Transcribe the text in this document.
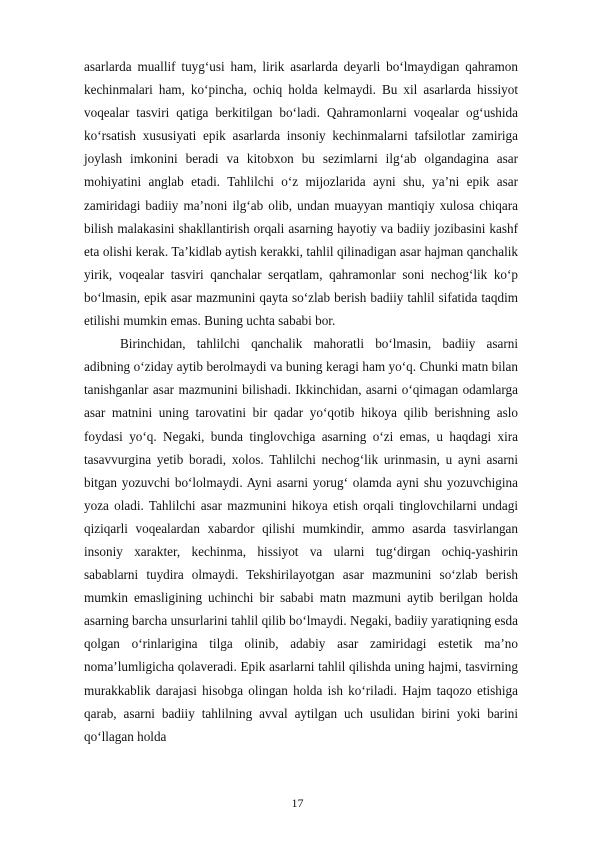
asarlarda muallif tuyg‘usi ham, lirik asarlarda deyarli bo‘lmaydigan qahramon kechinmalari ham, ko‘pincha, ochiq holda kelmaydi. Bu xil asarlarda hissiyot voqealar tasviri qatiga berkitilgan bo‘ladi. Qahramonlarni voqealar og‘ushida ko‘rsatish xususiyati epik asarlarda insoniy kechinmalarni tafsilotlar zamiriga joylash imkonini beradi va kitobxon bu sezimlarni ilg‘ab olgandagina asar mohiyatini anglab etadi. Tahlilchi o‘z mijozlarida ayni shu, ya’ni epik asar zamiridagi badiiy ma’noni ilg‘ab olib, undan muayyan mantiqiy xulosa chiqara bilish malakasini shakllantirish orqali asarning hayotiy va badiiy jozibasini kashf eta olishi kerak. Ta’kidlab aytish kerakki, tahlil qilinadigan asar hajman qanchalik yirik, voqealar tasviri qanchalar serqatlam, qahramonlar soni nechog‘lik ko‘p bo‘lmasin, epik asar mazmunini qayta so‘zlab berish badiiy tahlil sifatida taqdim etilishi mumkin emas. Buning uchta sababi bor.

Birinchidan, tahlilchi qanchalik mahoratli bo‘lmasin, badiiy asarni adibning o‘ziday aytib berolmaydi va buning keragi ham yo‘q. Chunki matn bilan tanishganlar asar mazmunini bilishadi. Ikkinchidan, asarni o‘qimagan odamlarga asar matnini uning tarovatini bir qadar yo‘qotib hikoya qilib berishning aslo foydasi yo‘q. Negaki, bunda tinglovchiga asarning o‘zi emas, u haqdagi xira tasavvurgina yetib boradi, xolos. Tahlilchi nechog‘lik urinmasin, u ayni asarni bitgan yozuvchi bo‘lolmaydi. Ayni asarni yorug‘ olamda ayni shu yozuvchigina yoza oladi. Tahlilchi asar mazmunini hikoya etish orqali tinglovchilarni undagi qiziqarli voqealardan xabardor qilishi mumkindir, ammo asarda tasvirlangan insoniy xarakter, kechinma, hissiyot va ularni tug‘dirgan ochiq-yashirin sabablarni tuydira olmaydi. Tekshirilayotgan asar mazmunini so‘zlab berish mumkin emasligining uchinchi bir sababi matn mazmuni aytib berilgan holda asarning barcha unsurlarini tahlil qilib bo‘lmaydi. Negaki, badiiy yaratiqning esda qolgan o‘rinlarigina tilga olinib, adabiy asar zamiridagi estetik ma’no noma’lumligicha qolaveradi. Epik asarlarni tahlil qilishda uning hajmi, tasvirning murakkablik darajasi hisobga olingan holda ish ko‘riladi. Hajm taqozo etishiga qarab, asarni badiiy tahlilning avval aytilgan uch usulidan birini yoki barini qo‘llagan holda

17
